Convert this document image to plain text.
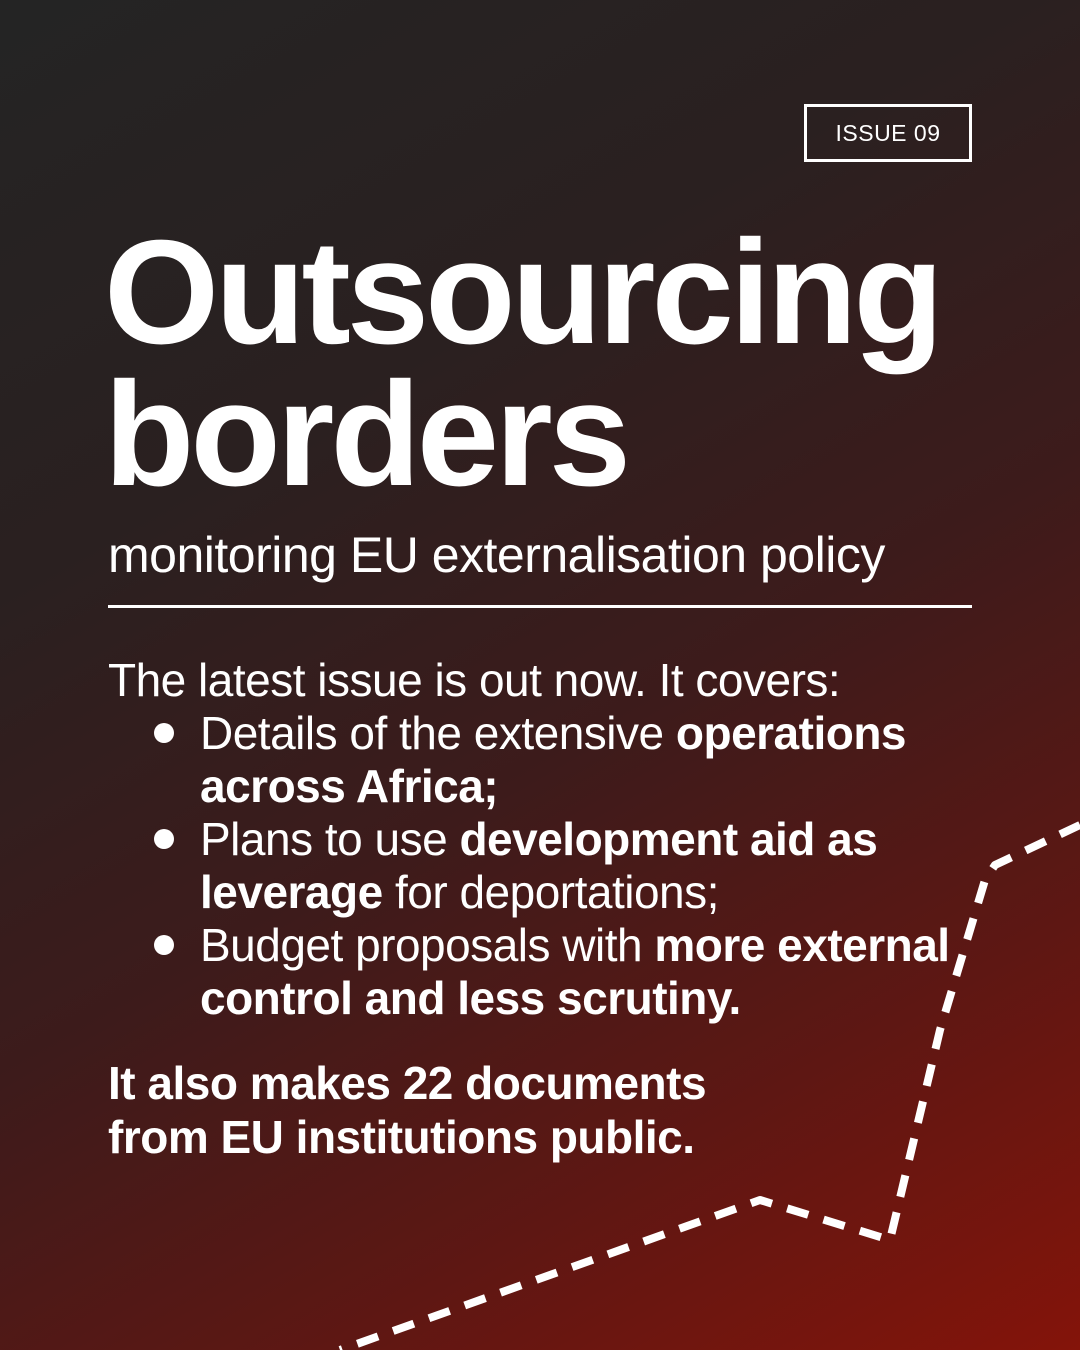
ISSUE 09
Outsourcing
borders

monitoring EU externalisation policy

The latest issue is out now. It covers:

Details of the extensive operations across Africa;
Plans to use development aid as leverage for deportations;
Budget proposals with more external control and less scrutiny.

It also makes 22 documents from EU institutions public.
